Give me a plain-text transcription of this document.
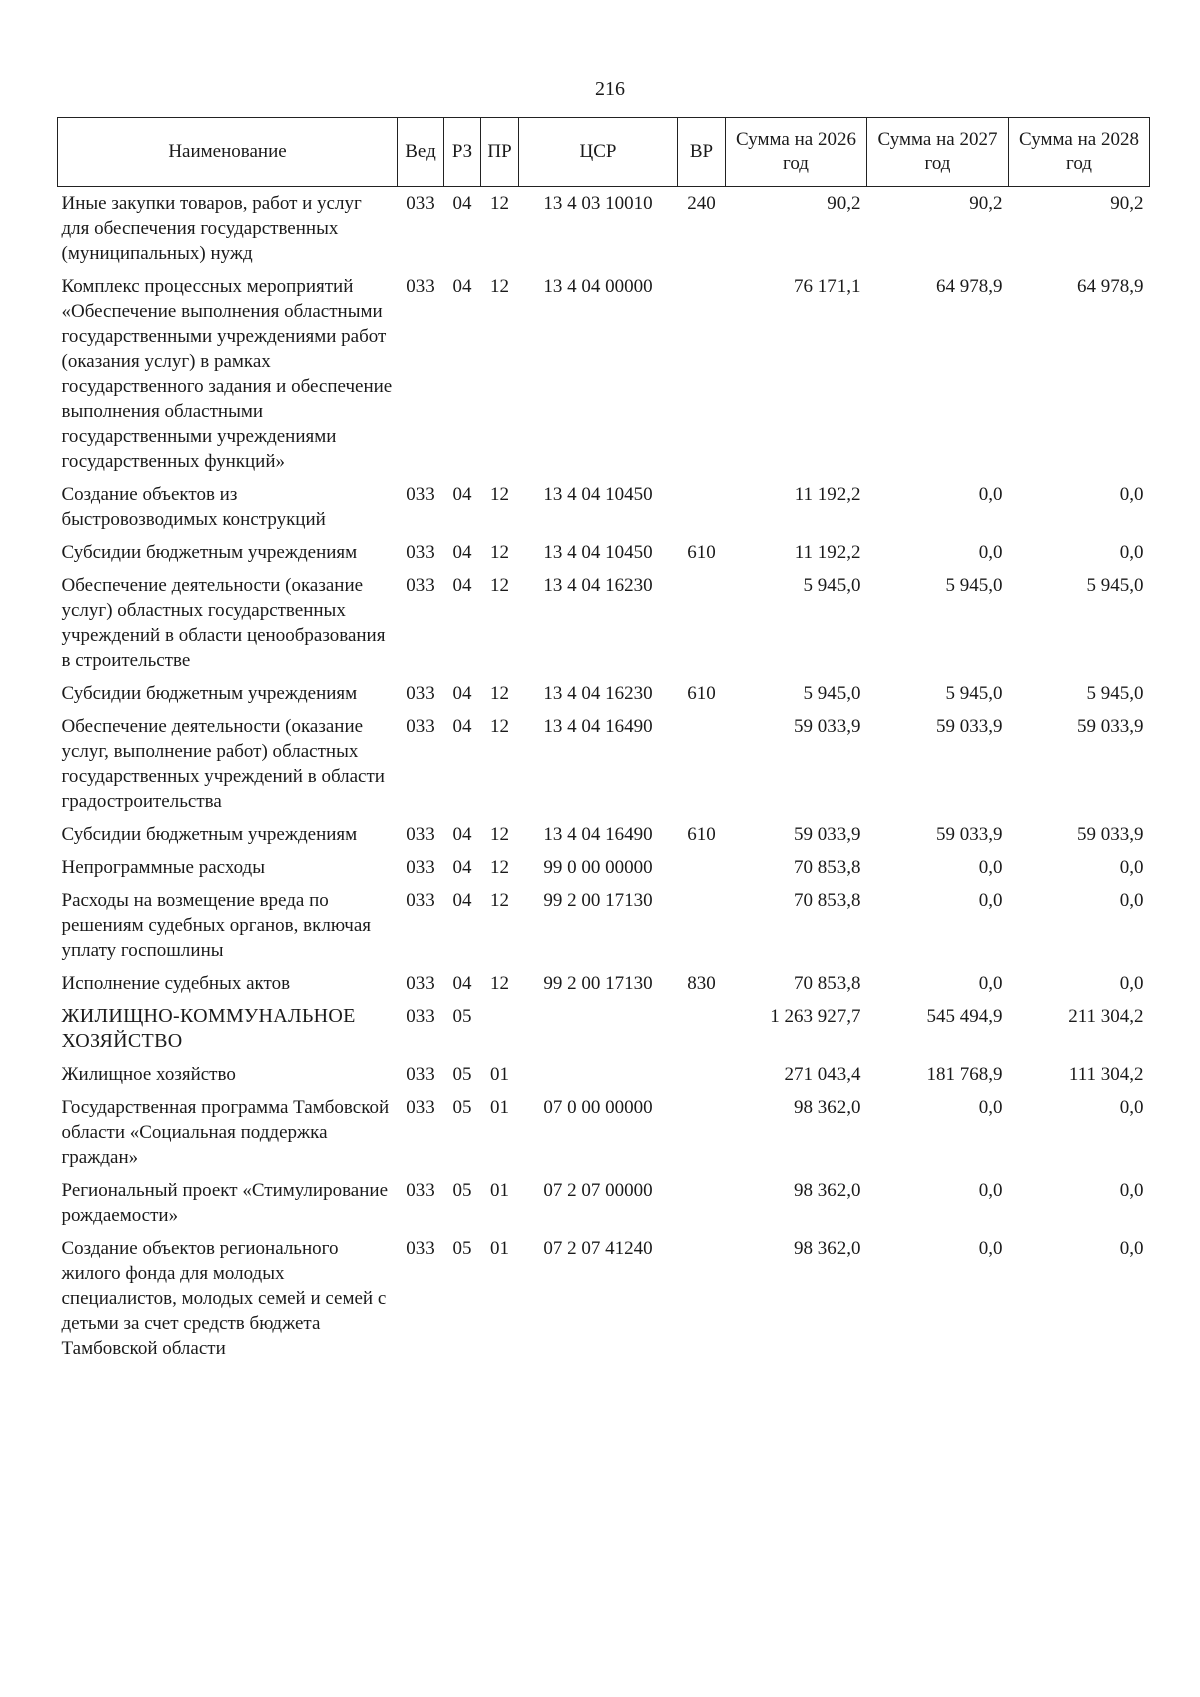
216
Наименование	Вед	РЗ	ПР	ЦСР	ВР	Сумма на 2026 год	Сумма на 2027 год	Сумма на 2028 год
Иные закупки товаров, работ и услуг для обеспечения государственных (муниципальных) нужд	033	04	12	13 4 03 10010	240	90,2	90,2	90,2
Комплекс процессных мероприятий «Обеспечение выполнения областными государственными учреждениями работ (оказания услуг) в рамках государственного задания и обеспечение выполнения областными государственными учреждениями государственных функций»	033	04	12	13 4 04 00000		76 171,1	64 978,9	64 978,9
Создание объектов из быстровозводимых конструкций	033	04	12	13 4 04 10450		11 192,2	0,0	0,0
Субсидии бюджетным учреждениям	033	04	12	13 4 04 10450	610	11 192,2	0,0	0,0
Обеспечение деятельности (оказание услуг) областных государственных учреждений в области ценообразования в строительстве	033	04	12	13 4 04 16230		5 945,0	5 945,0	5 945,0
Субсидии бюджетным учреждениям	033	04	12	13 4 04 16230	610	5 945,0	5 945,0	5 945,0
Обеспечение деятельности (оказание услуг, выполнение работ) областных государственных учреждений в области градостроительства	033	04	12	13 4 04 16490		59 033,9	59 033,9	59 033,9
Субсидии бюджетным учреждениям	033	04	12	13 4 04 16490	610	59 033,9	59 033,9	59 033,9
Непрограммные расходы	033	04	12	99 0 00 00000		70 853,8	0,0	0,0
Расходы на возмещение вреда по решениям судебных органов, включая уплату госпошлины	033	04	12	99 2 00 17130		70 853,8	0,0	0,0
Исполнение судебных актов	033	04	12	99 2 00 17130	830	70 853,8	0,0	0,0
ЖИЛИЩНО-КОММУНАЛЬНОЕ ХОЗЯЙСТВО	033	05				1 263 927,7	545 494,9	211 304,2
Жилищное хозяйство	033	05	01			271 043,4	181 768,9	111 304,2
Государственная программа Тамбовской области «Социальная поддержка граждан»	033	05	01	07 0 00 00000		98 362,0	0,0	0,0
Региональный проект «Стимулирование рождаемости»	033	05	01	07 2 07 00000		98 362,0	0,0	0,0
Создание объектов регионального жилого фонда для молодых специалистов, молодых семей и семей с детьми за счет средств бюджета Тамбовской области	033	05	01	07 2 07 41240		98 362,0	0,0	0,0
